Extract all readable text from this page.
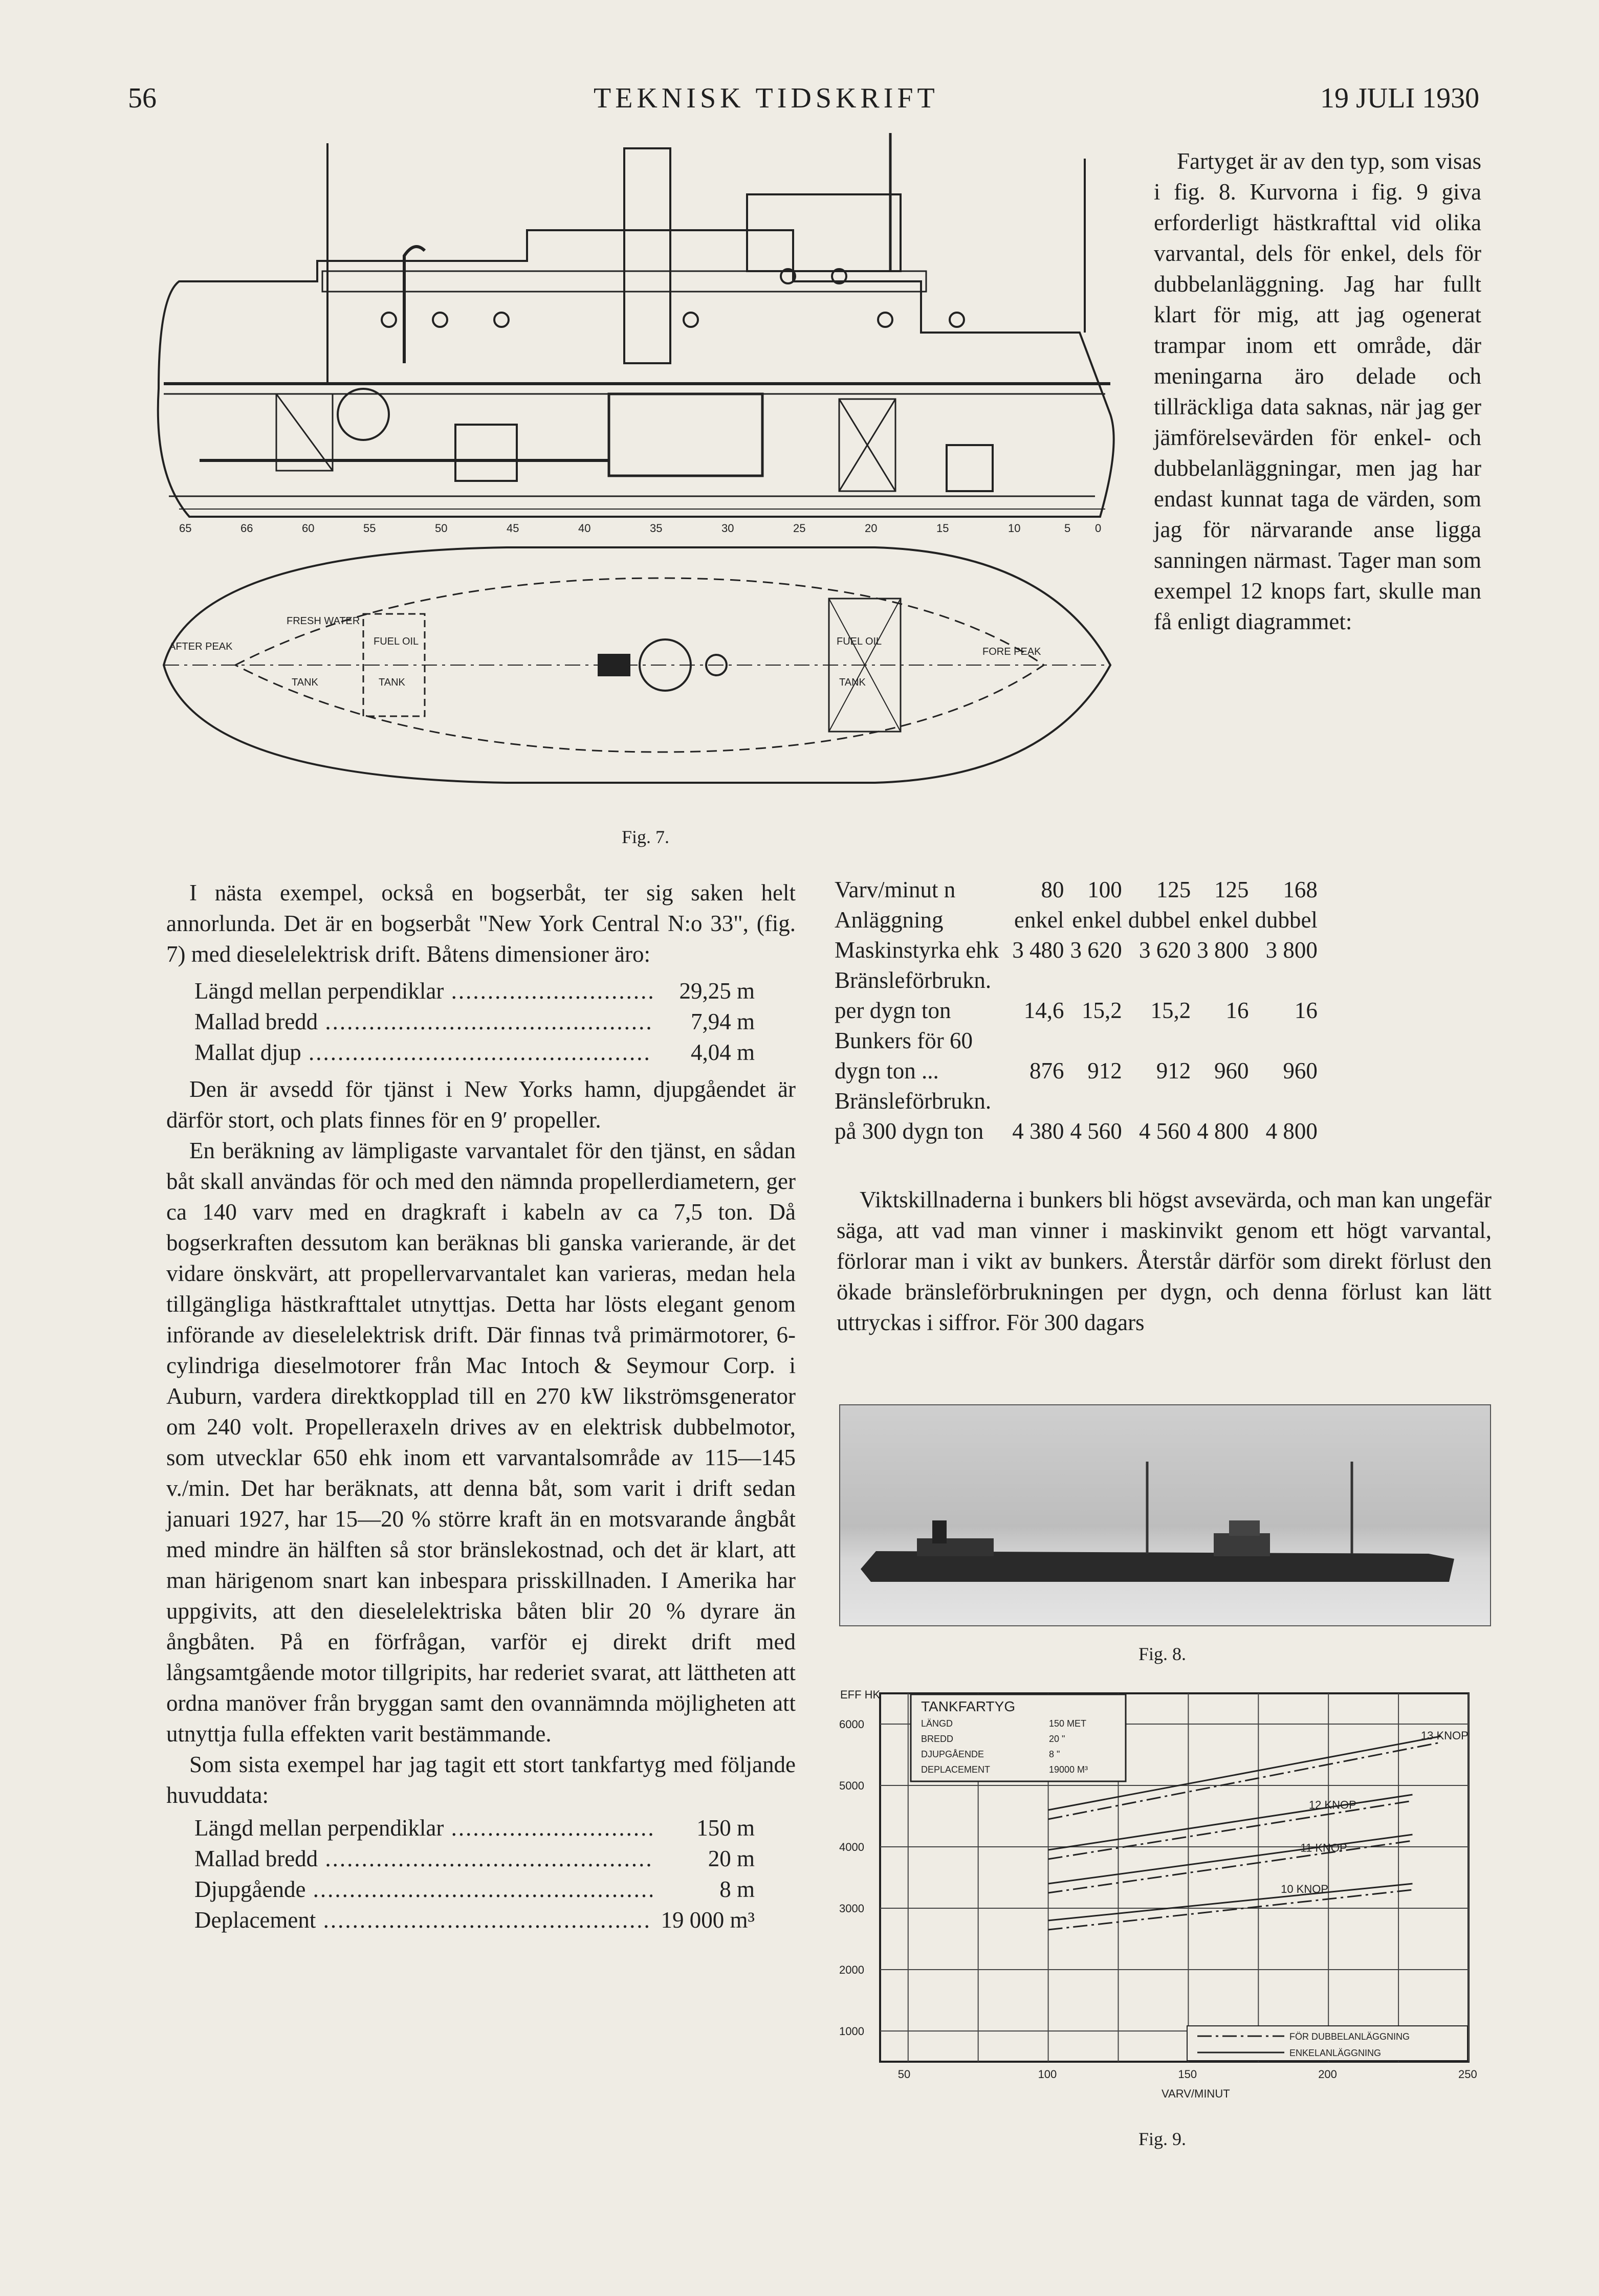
56	TEKNISK TIDSKRIFT	19 JULI 1930
65	66	60	55	50	45	40	35	30	25	20	15	10	5 0
AFTER PEAK
FRESH WATER
TANK
FUEL OIL
TANK
FUEL OIL
TANK
FORE PEAK
Fig. 7.

Fartyget är av den typ, som visas i fig. 8. Kurvorna i fig. 9 giva erforderligt hästkrafttal vid olika varvantal, dels för enkel, dels för dubbelanläggning. Jag har fullt klart för mig, att jag ogenerat trampar inom ett område, där meningarna äro delade och tillräckliga data saknas, när jag ger jämförelsevärden för enkel- och dubbelanläggningar, men jag har endast kunnat taga de värden, som jag för närvarande anse ligga sanningen närmast. Tager man som exempel 12 knops fart, skulle man få enligt diagrammet:

I nästa exempel, också en bogserbåt, ter sig saken helt annorlunda. Det är en bogserbåt "New York Central N:o 33", (fig. 7) med dieselelektrisk drift. Båtens dimensioner äro:

Längd mellan perpendiklar .....	29,25 m
Mallad bredd .....	7,94 m
Mallat djup .....	4,04 m

Den är avsedd för tjänst i New Yorks hamn, djupgåendet är därför stort, och plats finnes för en 9′ propeller.

En beräkning av lämpligaste varvantalet för den tjänst, en sådan båt skall användas för och med den nämnda propellerdiametern, ger ca 140 varv med en dragkraft i kabeln av ca 7,5 ton. Då bogserkraften dessutom kan beräknas bli ganska varierande, är det vidare önskvärt, att propellervarvantalet kan varieras, medan hela tillgängliga hästkrafttalet utnyttjas. Detta har lösts elegant genom införande av dieselelektrisk drift. Där finnas två primärmotorer, 6-cylindriga dieselmotorer från Mac Intoch & Seymour Corp. i Auburn, vardera direktkopplad till en 270 kW likströmsgenerator om 240 volt. Propelleraxeln drives av en elektrisk dubbelmotor, som utvecklar 650 ehk inom ett varvantalsområde av 115—145 v./min. Det har beräknats, att denna båt, som varit i drift sedan januari 1927, har 15—20 % större kraft än en motsvarande ångbåt med mindre än hälften så stor bränslekostnad, och det är klart, att man härigenom snart kan inbespara prisskillnaden. I Amerika har uppgivits, att den dieselelektriska båten blir 20 % dyrare än ångbåten. På en förfrågan, varför ej direkt drift med långsamtgående motor tillgripits, har rederiet svarat, att lättheten att ordna manöver från bryggan samt den ovannämnda möjligheten att utnyttja fulla effekten varit bestämmande.

Som sista exempel har jag tagit ett stort tankfartyg med följande huvuddata:

Längd mellan perpendiklar .....	150 m
Mallad bredd .....	20 m
Djupgående .....	8 m
Deplacement .....	19 000 m³
Varv/minut n	80	100	125	125	168
Anläggning	enkel	enkel	dubbel	enkel	dubbel
Maskinstyrka ehk	3 480	3 620	3 620	3 800	3 800
Bränsleförbrukn.					
per dygn ton	14,6	15,2	15,2	16	16
Bunkers för 60					
dygn ton ...	876	912	912	960	960
Bränsleförbrukn.					
på 300 dygn ton	4 380	4 560	4 560	4 800	4 800

Viktskillnaderna i bunkers bli högst avsevärda, och man kan ungefär säga, att vad man vinner i maskinvikt genom ett högt varvantal, förlorar man i vikt av bunkers. Återstår därför som direkt förlust den ökade bränsleförbrukningen per dygn, och denna förlust kan lätt uttryckas i siffror. För 300 dagars

Fig. 8.
1000
2000
3000
4000
5000
6000
50	100	150	200	250
13 KNOP
12 KNOP
11 KNOP
10 KNOP
TANKFARTYG
LÄNGD	150 MET
BREDD	20 "
DJUPGÅENDE	8 "
DEPLACEMENT	19000 M³
FÖR DUBBELANLÄGGNING
ENKELANLÄGGNING
EFF HK
VARV/MINUT
Fig. 9.
